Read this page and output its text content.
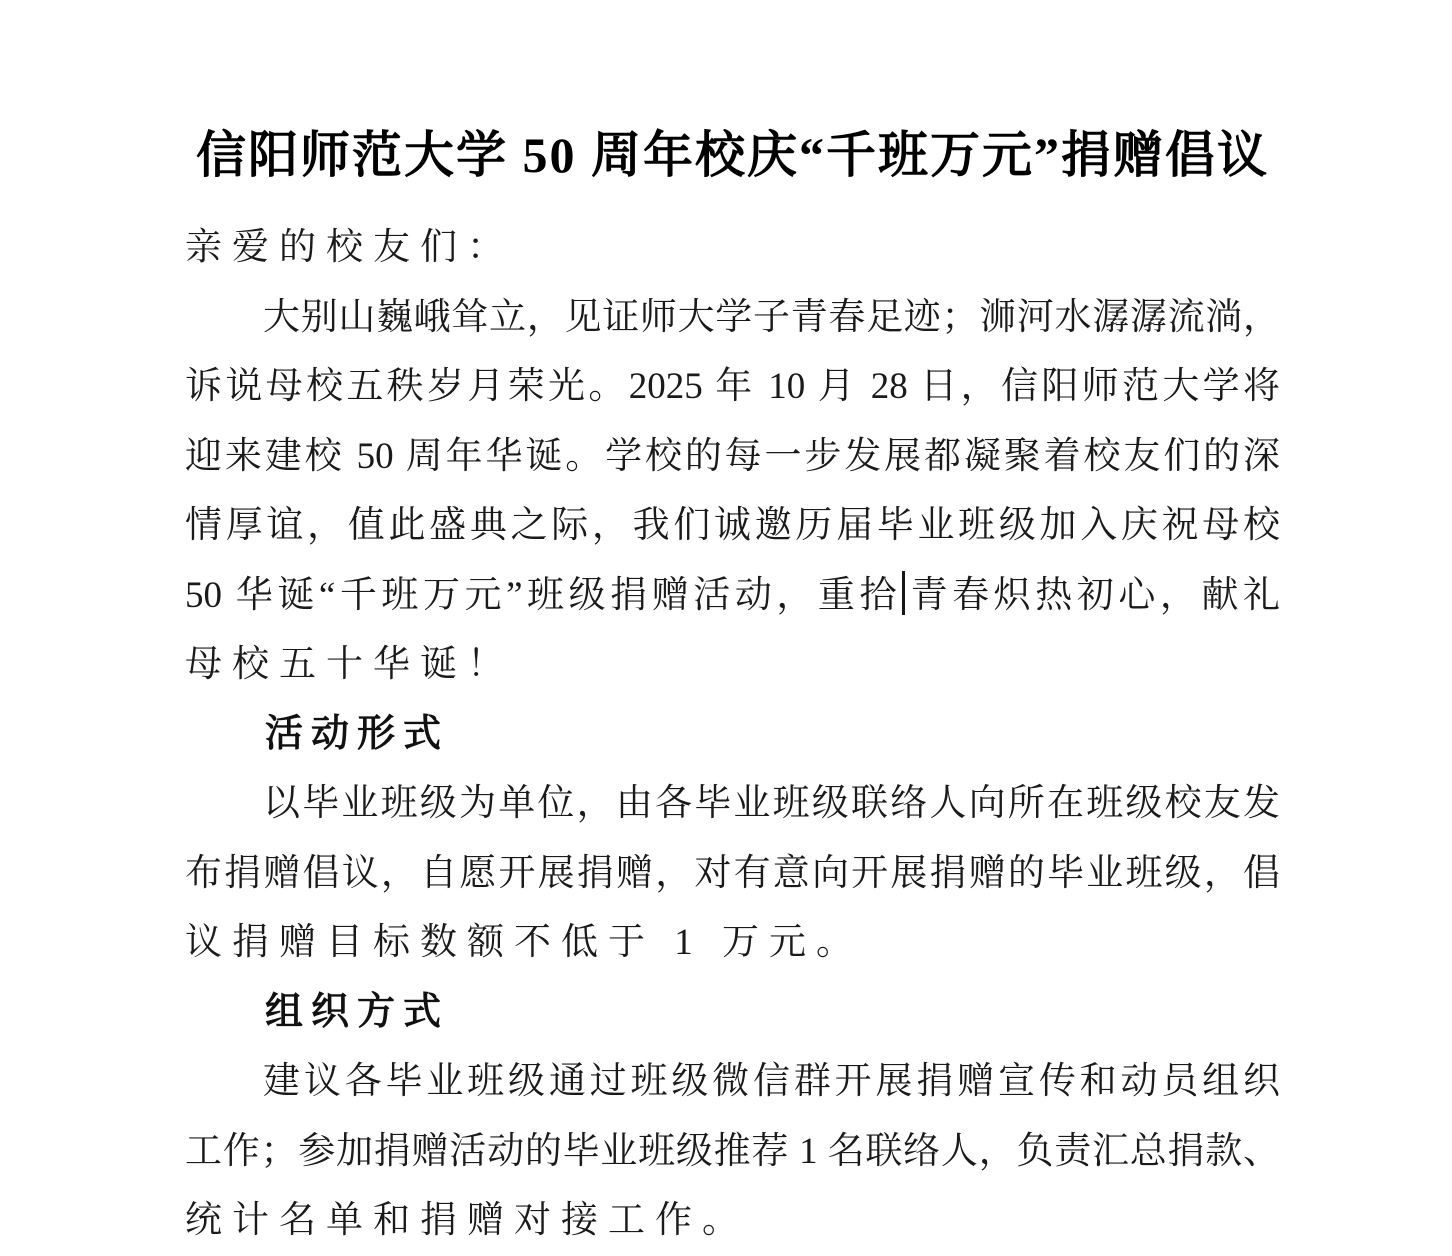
信阳师范大学 50 周年校庆“千班万元”捐赠倡议
亲爱的校友们：
大别山巍峨耸立，见证师大学子青春足迹；浉河水潺潺流淌，
诉说母校五秩岁月荣光。2025 年 10 月 28 日，信阳师范大学将
迎来建校 50 周年华诞。学校的每一步发展都凝聚着校友们的深
情厚谊，值此盛典之际，我们诚邀历届毕业班级加入庆祝母校
50 华诞“千班万元”班级捐赠活动，重拾 青春炽热初心，献礼
母校五十华诞！
活动形式
以毕业班级为单位，由各毕业班级联络人向所在班级校友发
布捐赠倡议，自愿开展捐赠，对有意向开展捐赠的毕业班级，倡
议捐赠目标数额不低于 1 万元。
组织方式
建议各毕业班级通过班级微信群开展捐赠宣传和动员组织
工作；参加捐赠活动的毕业班级推荐 1 名联络人，负责汇总捐款、
统计名单和捐赠对接工作。
